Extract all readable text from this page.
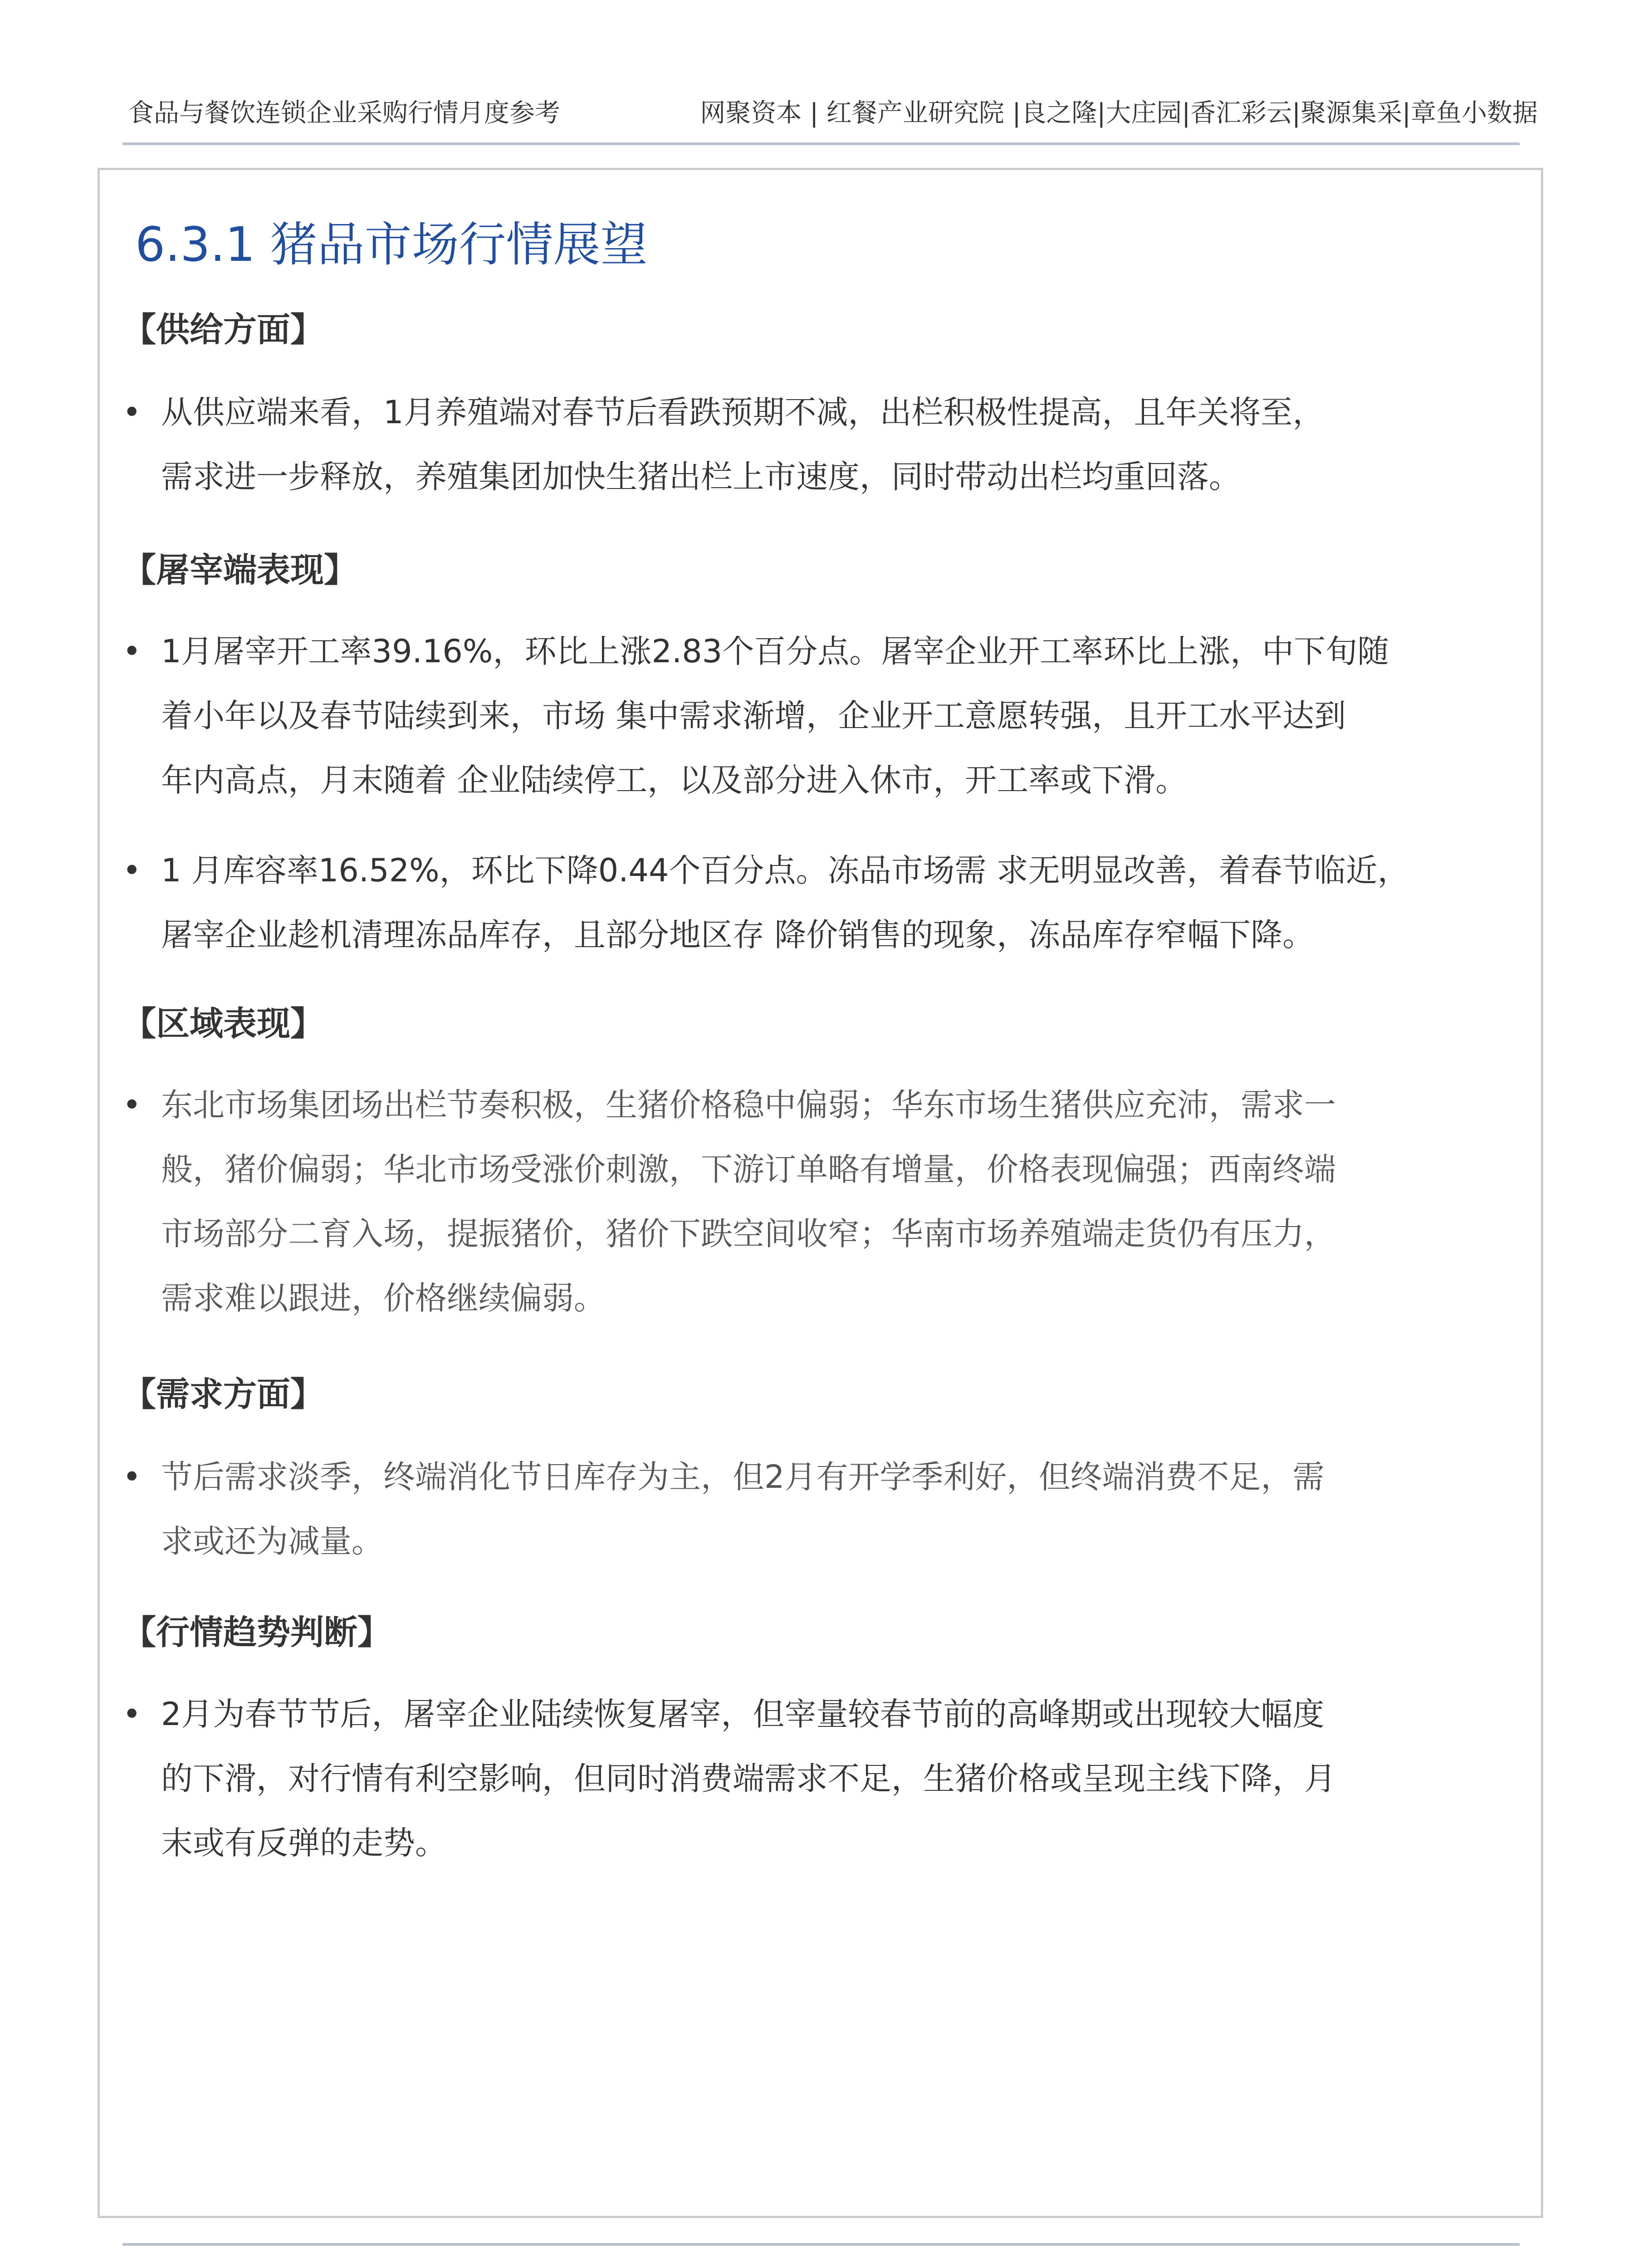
食品与餐饮连锁企业采购行情月度参考	网聚资本 | 红餐产业研究院 |良之隆|大庄园|香汇彩云|聚源集采|章鱼小数据
6.3.1 猪品市场行情展望
【供给方面】
• 从供应端来看，1月养殖端对春节后看跌预期不减，出栏积极性提高，且年关将至，
需求进一步释放，养殖集团加快生猪出栏上市速度，同时带动出栏均重回落。
【屠宰端表现】
• 1月屠宰开工率39.16%，环比上涨2.83个百分点。屠宰企业开工率环比上涨，中下旬随
着小年以及春节陆续到来，市场 集中需求渐增，企业开工意愿转强，且开工水平达到
年内高点，月末随着 企业陆续停工，以及部分进入休市，开工率或下滑。
• 1 月库容率16.52%，环比下降0.44个百分点。冻品市场需 求无明显改善，着春节临近，
屠宰企业趁机清理冻品库存，且部分地区存 降价销售的现象，冻品库存窄幅下降。
【区域表现】
• 东北市场集团场出栏节奏积极，生猪价格稳中偏弱；华东市场生猪供应充沛，需求一
般，猪价偏弱；华北市场受涨价刺激，下游订单略有增量，价格表现偏强；西南终端
市场部分二育入场，提振猪价，猪价下跌空间收窄；华南市场养殖端走货仍有压力，
需求难以跟进，价格继续偏弱。
【需求方面】
• 节后需求淡季，终端消化节日库存为主，但2月有开学季利好，但终端消费不足，需
求或还为减量。
【行情趋势判断】
• 2月为春节节后，屠宰企业陆续恢复屠宰，但宰量较春节前的高峰期或出现较大幅度
的下滑，对行情有利空影响，但同时消费端需求不足，生猪价格或呈现主线下降，月
末或有反弹的走势。
